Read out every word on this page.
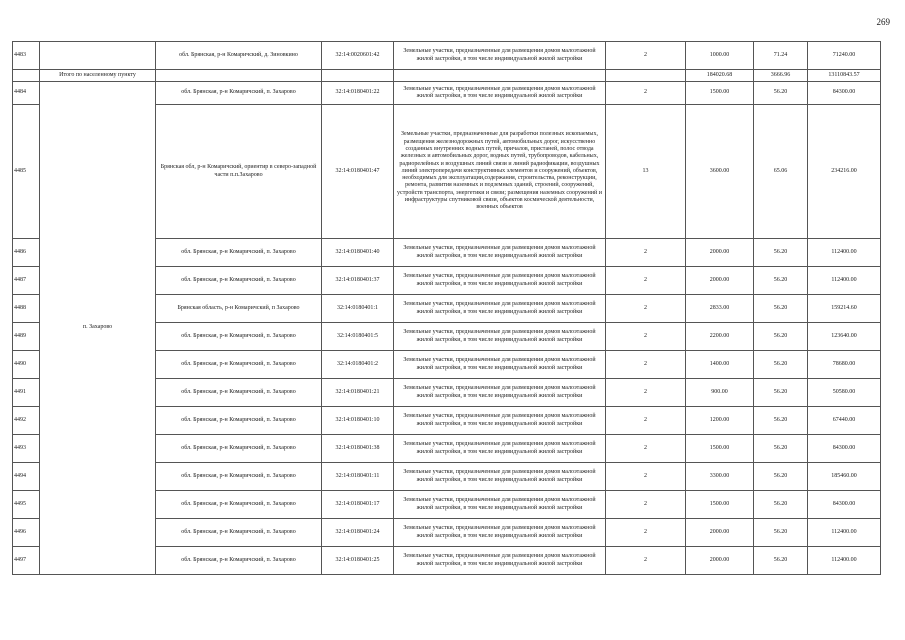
269
4483		обл. Брянская, р-н Комаричский, д. Зиновкино	32:14:0020601:42	Земельные участки, предназначенные для размещения домов малоэтажной жилой застройки, в том числе индивидуальной жилой застройки	2	1000.00	71.24	71240.00
	Итого по населенному пункту					184020.68	3666.96	13110843.57
4484	п. Захарово	обл. Брянская, р-н Комаричский, п. Захарово	32:14:0180401:22	Земельные участки, предназначенные для размещения домов малоэтажной жилой застройки, в том числе индивидуальной жилой застройки	2	1500.00	56.20	84300.00
4485		Брянская обл, р-н Комаричский, ориентир в северо-западной части п.п.Захарово	32:14:0180401:47	Земельные участки, предназначенные для разработки полезных ископаемых, размещения железнодорожных путей, автомобильных дорог, искусственно созданных внутренних водных путей, причалов, пристаней, полос отвода железных и автомобильных дорог, водных путей, трубопроводов, кабельных, радиорелейных и воздушных линий связи и линий радиофикации, воздушных линий электропередачи конструктивных элементов и сооружений, объектов, необходимых для эксплуатации,содержания, строительства, реконструкции, ремонта, развития наземных и подземных зданий, строений, сооружений, устройств транспорта, энергетики и связи; размещения наземных сооружений и инфраструктуры спутниковой связи, объектов космической деятельности, военных объектов	13	3600.00	65.06	234216.00
4486		обл. Брянская, р-н Комаричский, п. Захарово	32:14:0180401:40	Земельные участки, предназначенные для размещения домов малоэтажной жилой застройки, в том числе индивидуальной жилой застройки	2	2000.00	56.20	112400.00
4487		обл. Брянская, р-н Комаричский, п. Захарово	32:14:0180401:37	Земельные участки, предназначенные для размещения домов малоэтажной жилой застройки, в том числе индивидуальной жилой застройки	2	2000.00	56.20	112400.00
4488		Брянская область, р-н Комаричский, п Захарово	32:14:0180401:1	Земельные участки, предназначенные для размещения домов малоэтажной жилой застройки, в том числе индивидуальной жилой застройки	2	2833.00	56.20	159214.60
4489		обл. Брянская, р-н Комаричский, п. Захарово	32:14:0180401:5	Земельные участки, предназначенные для размещения домов малоэтажной жилой застройки, в том числе индивидуальной жилой застройки	2	2200.00	56.20	123640.00
4490		обл. Брянская, р-н Комаричский, п. Захарово	32:14:0180401:2	Земельные участки, предназначенные для размещения домов малоэтажной жилой застройки, в том числе индивидуальной жилой застройки	2	1400.00	56.20	78680.00
4491		обл. Брянская, р-н Комаричский, п. Захарово	32:14:0180401:21	Земельные участки, предназначенные для размещения домов малоэтажной жилой застройки, в том числе индивидуальной жилой застройки	2	900.00	56.20	50580.00
4492		обл. Брянская, р-н Комаричский, п. Захарово	32:14:0180401:10	Земельные участки, предназначенные для размещения домов малоэтажной жилой застройки, в том числе индивидуальной жилой застройки	2	1200.00	56.20	67440.00
4493		обл. Брянская, р-н Комаричский, п. Захарово	32:14:0180401:38	Земельные участки, предназначенные для размещения домов малоэтажной жилой застройки, в том числе индивидуальной жилой застройки	2	1500.00	56.20	84300.00
4494		обл. Брянская, р-н Комаричский, п. Захарово	32:14:0180401:11	Земельные участки, предназначенные для размещения домов малоэтажной жилой застройки, в том числе индивидуальной жилой застройки	2	3300.00	56.20	185460.00
4495		обл. Брянская, р-н Комаричский, п. Захарово	32:14:0180401:17	Земельные участки, предназначенные для размещения домов малоэтажной жилой застройки, в том числе индивидуальной жилой застройки	2	1500.00	56.20	84300.00
4496		обл. Брянская, р-н Комаричский, п. Захарово	32:14:0180401:24	Земельные участки, предназначенные для размещения домов малоэтажной жилой застройки, в том числе индивидуальной жилой застройки	2	2000.00	56.20	112400.00
4497		обл. Брянская, р-н Комаричский, п. Захарово	32:14:0180401:25	Земельные участки, предназначенные для размещения домов малоэтажной жилой застройки, в том числе индивидуальной жилой застройки	2	2000.00	56.20	112400.00
